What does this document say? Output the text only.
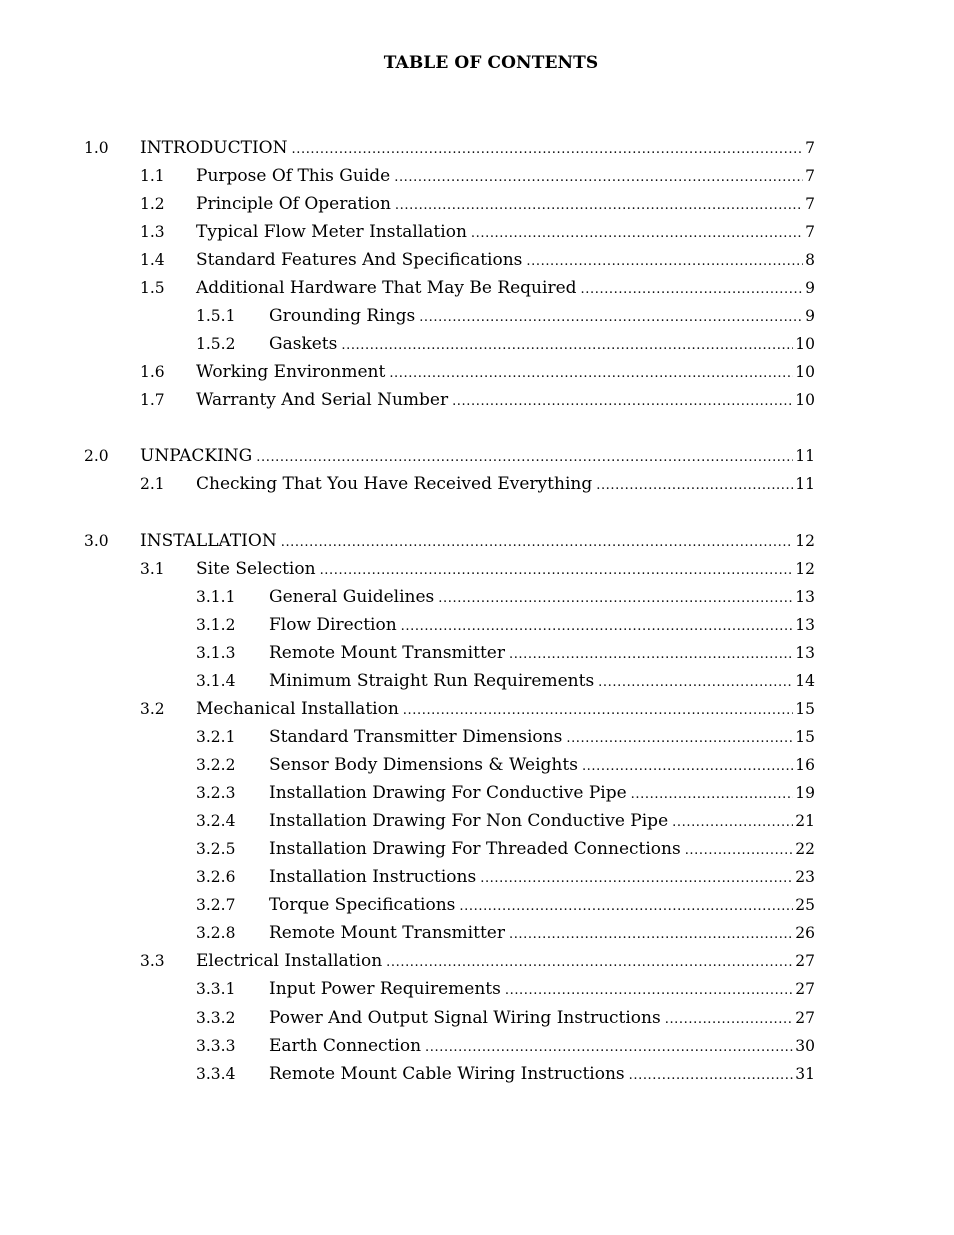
TABLE OF CONTENTS
1.0 INTRODUCTION .....	7
1.1 Purpose Of This Guide .....	7
1.2 Principle Of Operation .....	7
1.3 Typical Flow Meter Installation .....	7
1.4 Standard Features And Specifications .....	8
1.5 Additional Hardware That May Be Required .....	9
1.5.1 Grounding Rings .....	9
1.5.2 Gaskets .....	10
1.6 Working Environment .....	10
1.7 Warranty And Serial Number .....	10
2.0 UNPACKING .....	11
2.1 Checking That You Have Received Everything .....	11
3.0 INSTALLATION .....	12
3.1 Site Selection .....	12
3.1.1 General Guidelines .....	13
3.1.2 Flow Direction .....	13
3.1.3 Remote Mount Transmitter .....	13
3.1.4 Minimum Straight Run Requirements .....	14
3.2 Mechanical Installation .....	15
3.2.1 Standard Transmitter Dimensions .....	15
3.2.2 Sensor Body Dimensions & Weights .....	16
3.2.3 Installation Drawing For Conductive Pipe .....	19
3.2.4 Installation Drawing For Non Conductive Pipe .....	21
3.2.5 Installation Drawing For Threaded Connections .....	22
3.2.6 Installation Instructions .....	23
3.2.7 Torque Specifications .....	25
3.2.8 Remote Mount Transmitter .....	26
3.3 Electrical Installation .....	27
3.3.1 Input Power Requirements .....	27
3.3.2 Power And Output Signal Wiring Instructions .....	27
3.3.3 Earth Connection .....	30
3.3.4 Remote Mount Cable Wiring Instructions .....	31
